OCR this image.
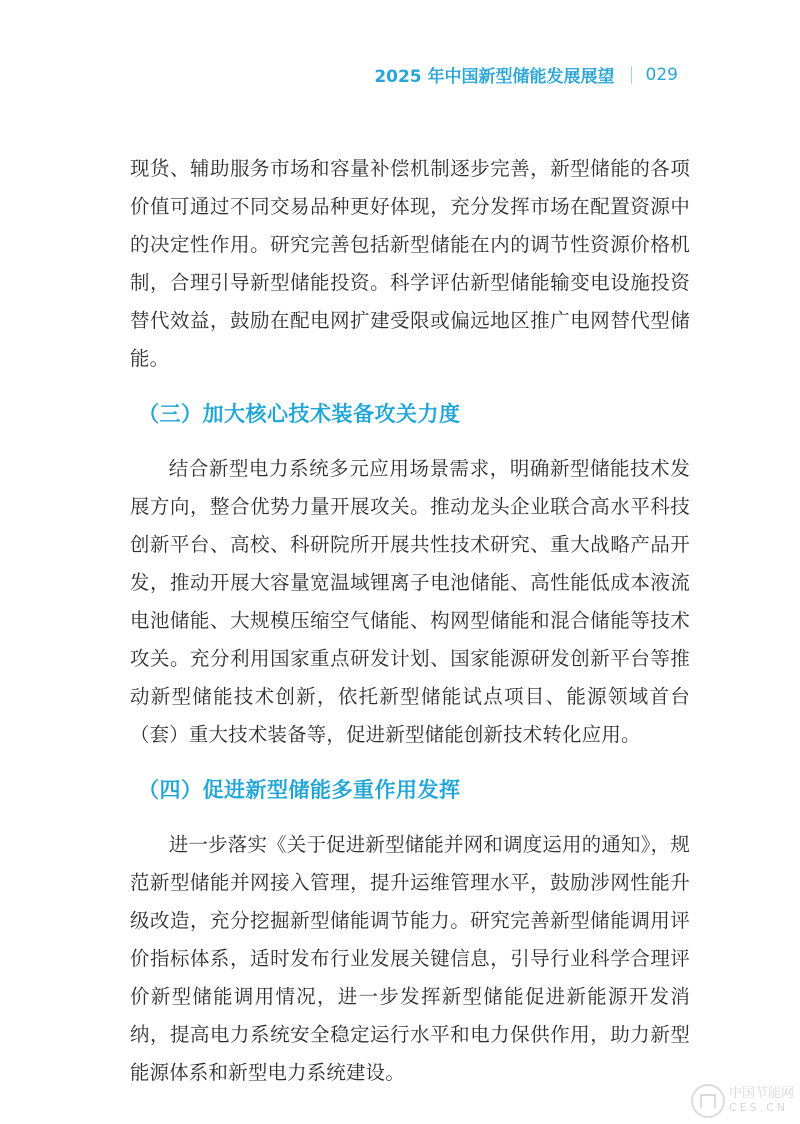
2025 年中国新型储能发展展望 029

现货、辅助服务市场和容量补偿机制逐步完善，新型储能的各项价值可通过不同交易品种更好体现，充分发挥市场在配置资源中的决定性作用。研究完善包括新型储能在内的调节性资源价格机制，合理引导新型储能投资。科学评估新型储能输变电设施投资替代效益，鼓励在配电网扩建受限或偏远地区推广电网替代型储能。

（三）加大核心技术装备攻关力度

结合新型电力系统多元应用场景需求，明确新型储能技术发展方向，整合优势力量开展攻关。推动龙头企业联合高水平科技创新平台、高校、科研院所开展共性技术研究、重大战略产品开发，推动开展大容量宽温域锂离子电池储能、高性能低成本液流电池储能、大规模压缩空气储能、构网型储能和混合储能等技术攻关。充分利用国家重点研发计划、国家能源研发创新平台等推动新型储能技术创新，依托新型储能试点项目、能源领域首台（套）重大技术装备等，促进新型储能创新技术转化应用。

（四）促进新型储能多重作用发挥

进一步落实《关于促进新型储能并网和调度运用的通知》，规范新型储能并网接入管理，提升运维管理水平，鼓励涉网性能升级改造，充分挖掘新型储能调节能力。研究完善新型储能调用评价指标体系，适时发布行业发展关键信息，引导行业科学合理评价新型储能调用情况，进一步发挥新型储能促进新能源开发消纳，提高电力系统安全稳定运行水平和电力保供作用，助力新型能源体系和新型电力系统建设。

中国节能网
CES.CN
